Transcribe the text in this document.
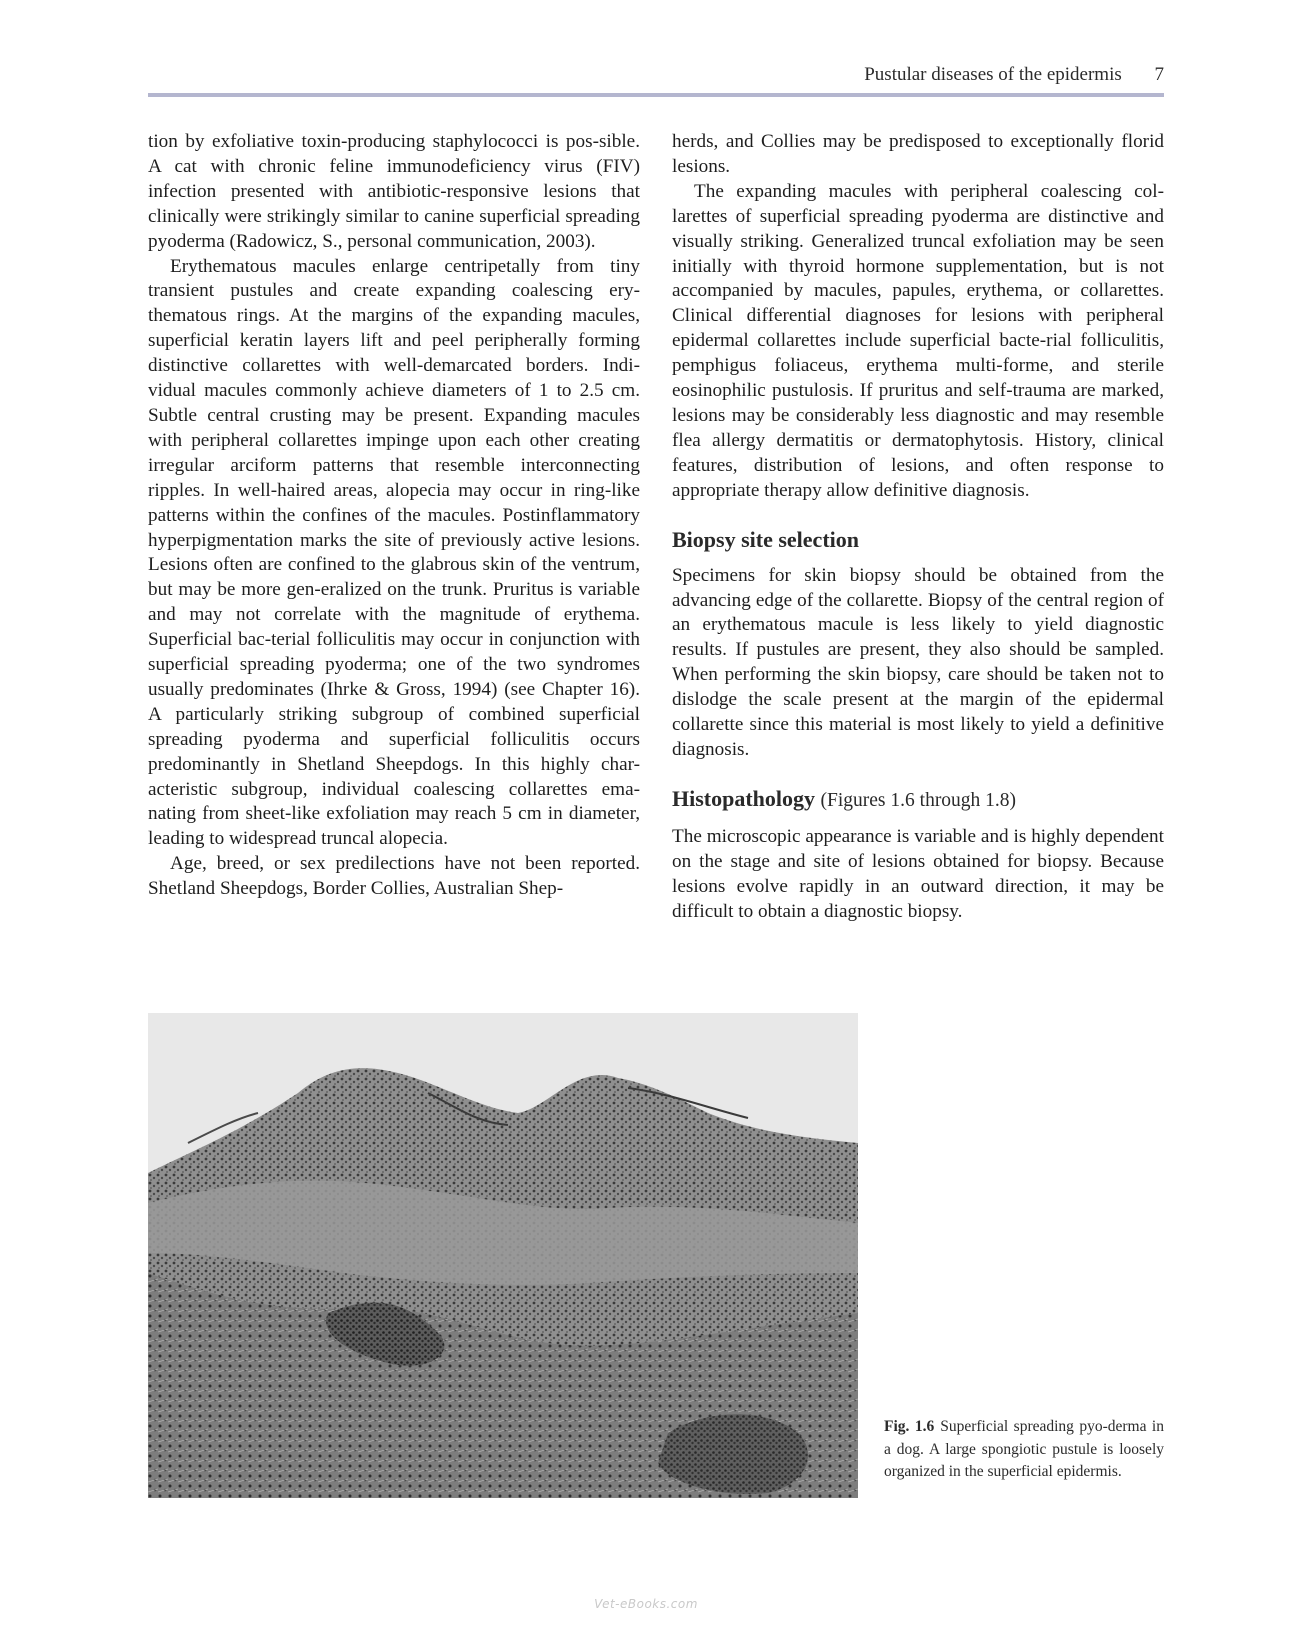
Pustular diseases of the epidermis 7

tion by exfoliative toxin-producing staphylococci is pos-sible. A cat with chronic feline immunodeficiency virus (FIV) infection presented with antibiotic-responsive lesions that clinically were strikingly similar to canine superficial spreading pyoderma (Radowicz, S., personal communication, 2003).

Erythematous macules enlarge centripetally from tiny transient pustules and create expanding coalescing ery-thematous rings. At the margins of the expanding macules, superficial keratin layers lift and peel peripherally forming distinctive collarettes with well-demarcated borders. Indi-vidual macules commonly achieve diameters of 1 to 2.5 cm. Subtle central crusting may be present. Expanding macules with peripheral collarettes impinge upon each other creating irregular arciform patterns that resemble interconnecting ripples. In well-haired areas, alopecia may occur in ring-like patterns within the confines of the macules. Postinflammatory hyperpigmentation marks the site of previously active lesions. Lesions often are confined to the glabrous skin of the ventrum, but may be more gen-eralized on the trunk. Pruritus is variable and may not correlate with the magnitude of erythema. Superficial bac-terial folliculitis may occur in conjunction with superficial spreading pyoderma; one of the two syndromes usually predominates (Ihrke & Gross, 1994) (see Chapter 16). A particularly striking subgroup of combined superficial spreading pyoderma and superficial folliculitis occurs predominantly in Shetland Sheepdogs. In this highly char-acteristic subgroup, individual coalescing collarettes ema-nating from sheet-like exfoliation may reach 5 cm in diameter, leading to widespread truncal alopecia.

Age, breed, or sex predilections have not been reported. Shetland Sheepdogs, Border Collies, Australian Shep-

herds, and Collies may be predisposed to exceptionally florid lesions.

The expanding macules with peripheral coalescing col-larettes of superficial spreading pyoderma are distinctive and visually striking. Generalized truncal exfoliation may be seen initially with thyroid hormone supplementation, but is not accompanied by macules, papules, erythema, or collarettes. Clinical differential diagnoses for lesions with peripheral epidermal collarettes include superficial bacte-rial folliculitis, pemphigus foliaceus, erythema multi-forme, and sterile eosinophilic pustulosis. If pruritus and self-trauma are marked, lesions may be considerably less diagnostic and may resemble flea allergy dermatitis or dermatophytosis. History, clinical features, distribution of lesions, and often response to appropriate therapy allow definitive diagnosis.

Biopsy site selection

Specimens for skin biopsy should be obtained from the advancing edge of the collarette. Biopsy of the central region of an erythematous macule is less likely to yield diagnostic results. If pustules are present, they also should be sampled. When performing the skin biopsy, care should be taken not to dislodge the scale present at the margin of the epidermal collarette since this material is most likely to yield a definitive diagnosis.

Histopathology (Figures 1.6 through 1.8)

The microscopic appearance is variable and is highly dependent on the stage and site of lesions obtained for biopsy. Because lesions evolve rapidly in an outward direction, it may be difficult to obtain a diagnostic biopsy.

Fig. 1.6 Superficial spreading pyo-derma in a dog. A large spongiotic pustule is loosely organized in the superficial epidermis.
Vet-eBooks.com
